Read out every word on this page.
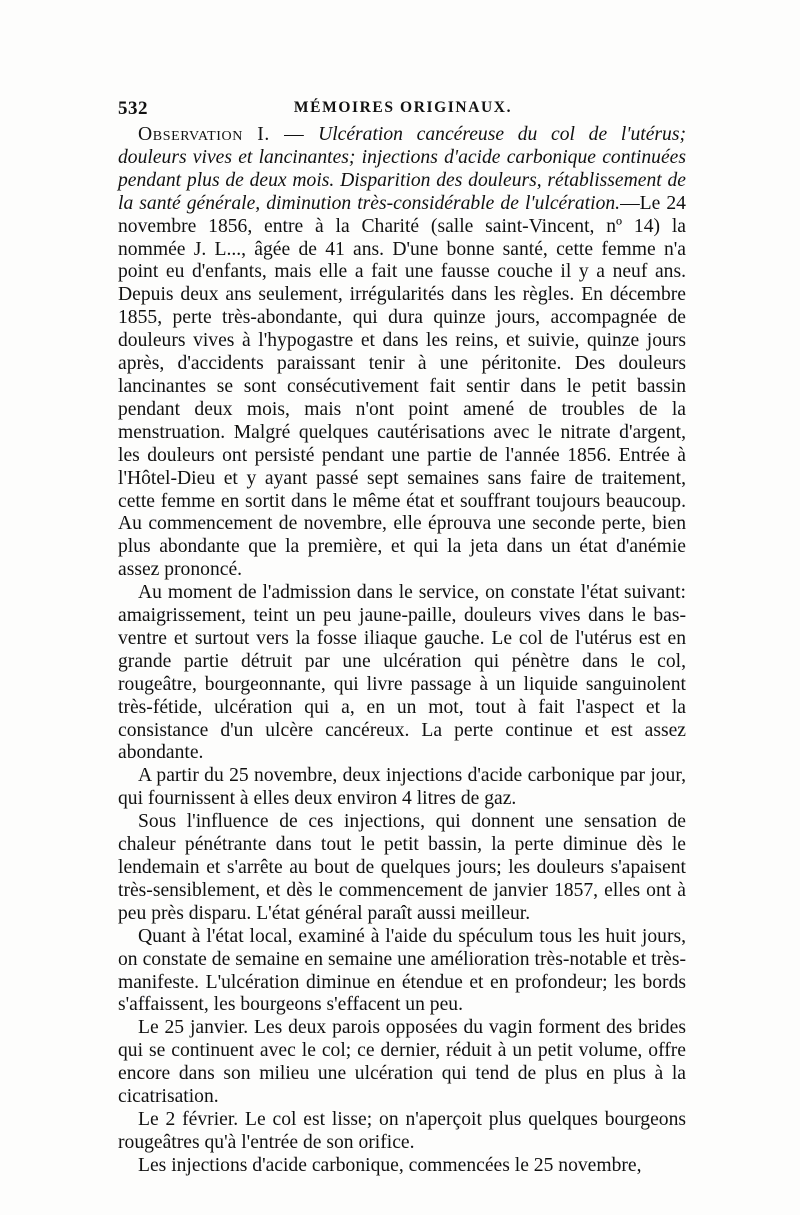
532	MÉMOIRES ORIGINAUX.

Observation I. — Ulcération cancéreuse du col de l'utérus; douleurs vives et lancinantes; injections d'acide carbonique continuées pendant plus de deux mois. Disparition des douleurs, rétablissement de la santé générale, diminution très-considérable de l'ulcération.—Le 24 novembre 1856, entre à la Charité (salle saint-Vincent, nº 14) la nommée J. L..., âgée de 41 ans. D'une bonne santé, cette femme n'a point eu d'enfants, mais elle a fait une fausse couche il y a neuf ans. Depuis deux ans seulement, irrégularités dans les règles. En décembre 1855, perte très-abondante, qui dura quinze jours, accompagnée de douleurs vives à l'hypogastre et dans les reins, et suivie, quinze jours après, d'accidents paraissant tenir à une péritonite. Des douleurs lancinantes se sont consécutivement fait sentir dans le petit bassin pendant deux mois, mais n'ont point amené de troubles de la menstruation. Malgré quelques cautérisations avec le nitrate d'argent, les douleurs ont persisté pendant une partie de l'année 1856. Entrée à l'Hôtel-Dieu et y ayant passé sept semaines sans faire de traitement, cette femme en sortit dans le même état et souffrant toujours beaucoup. Au commencement de novembre, elle éprouva une seconde perte, bien plus abondante que la première, et qui la jeta dans un état d'anémie assez prononcé.

Au moment de l'admission dans le service, on constate l'état suivant: amaigrissement, teint un peu jaune-paille, douleurs vives dans le bas-ventre et surtout vers la fosse iliaque gauche. Le col de l'utérus est en grande partie détruit par une ulcération qui pénètre dans le col, rougeâtre, bourgeonnante, qui livre passage à un liquide sanguinolent très-fétide, ulcération qui a, en un mot, tout à fait l'aspect et la consistance d'un ulcère cancéreux. La perte continue et est assez abondante.

A partir du 25 novembre, deux injections d'acide carbonique par jour, qui fournissent à elles deux environ 4 litres de gaz.

Sous l'influence de ces injections, qui donnent une sensation de chaleur pénétrante dans tout le petit bassin, la perte diminue dès le lendemain et s'arrête au bout de quelques jours; les douleurs s'apaisent très-sensiblement, et dès le commencement de janvier 1857, elles ont à peu près disparu. L'état général paraît aussi meilleur.

Quant à l'état local, examiné à l'aide du spéculum tous les huit jours, on constate de semaine en semaine une amélioration très-notable et très-manifeste. L'ulcération diminue en étendue et en profondeur; les bords s'affaissent, les bourgeons s'effacent un peu.

Le 25 janvier. Les deux parois opposées du vagin forment des brides qui se continuent avec le col; ce dernier, réduit à un petit volume, offre encore dans son milieu une ulcération qui tend de plus en plus à la cicatrisation.

Le 2 février. Le col est lisse; on n'aperçoit plus quelques bourgeons rougeâtres qu'à l'entrée de son orifice.

Les injections d'acide carbonique, commencées le 25 novembre,
